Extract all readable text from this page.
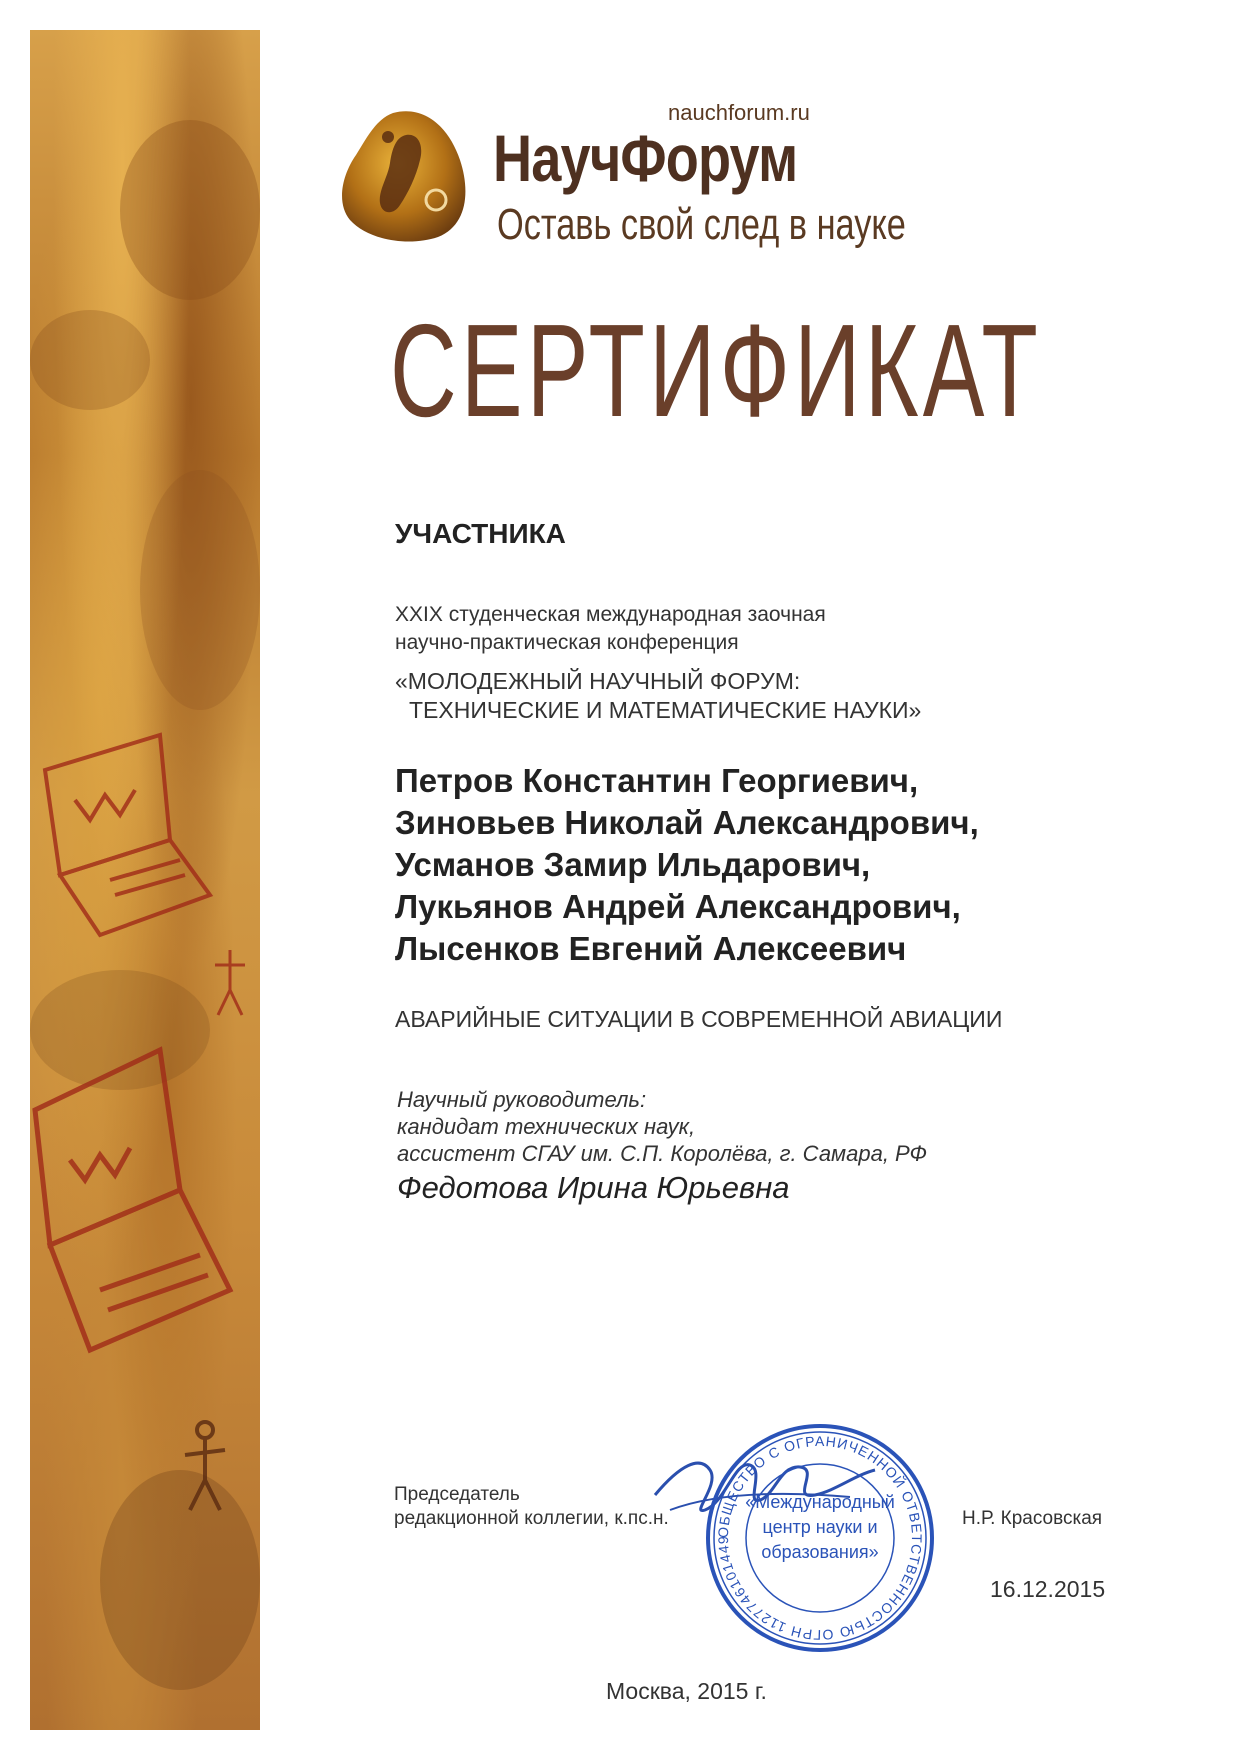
nauchforum.ru
НаучФорум
Оставь свой след в науке
СЕРТИФИКАТ
УЧАСТНИКА
XXIX студенческая международная заочная
научно-практическая конференция
«МОЛОДЕЖНЫЙ НАУЧНЫЙ ФОРУМ:
ТЕХНИЧЕСКИЕ И МАТЕМАТИЧЕСКИЕ НАУКИ»
Петров Константин Георгиевич,
Зиновьев Николай Александрович,
Усманов Замир Ильдарович,
Лукьянов Андрей Александрович,
Лысенков Евгений Алексеевич
АВАРИЙНЫЕ СИТУАЦИИ В СОВРЕМЕННОЙ АВИАЦИИ
Научный руководитель:
кандидат технических наук,
ассистент СГАУ им. С.П. Королёва, г. Самара, РФ
Федотова Ирина Юрьевна
Председатель
редакционной коллегии, к.пс.н.	Н.Р. Красовская
ОБЩЕСТВО С ОГРАНИЧЕННОЙ ОТВЕТСТВЕННОСТЬЮ ОГРН 1127746101449
«Международный
центр науки и
образования»
16.12.2015
Москва, 2015 г.
